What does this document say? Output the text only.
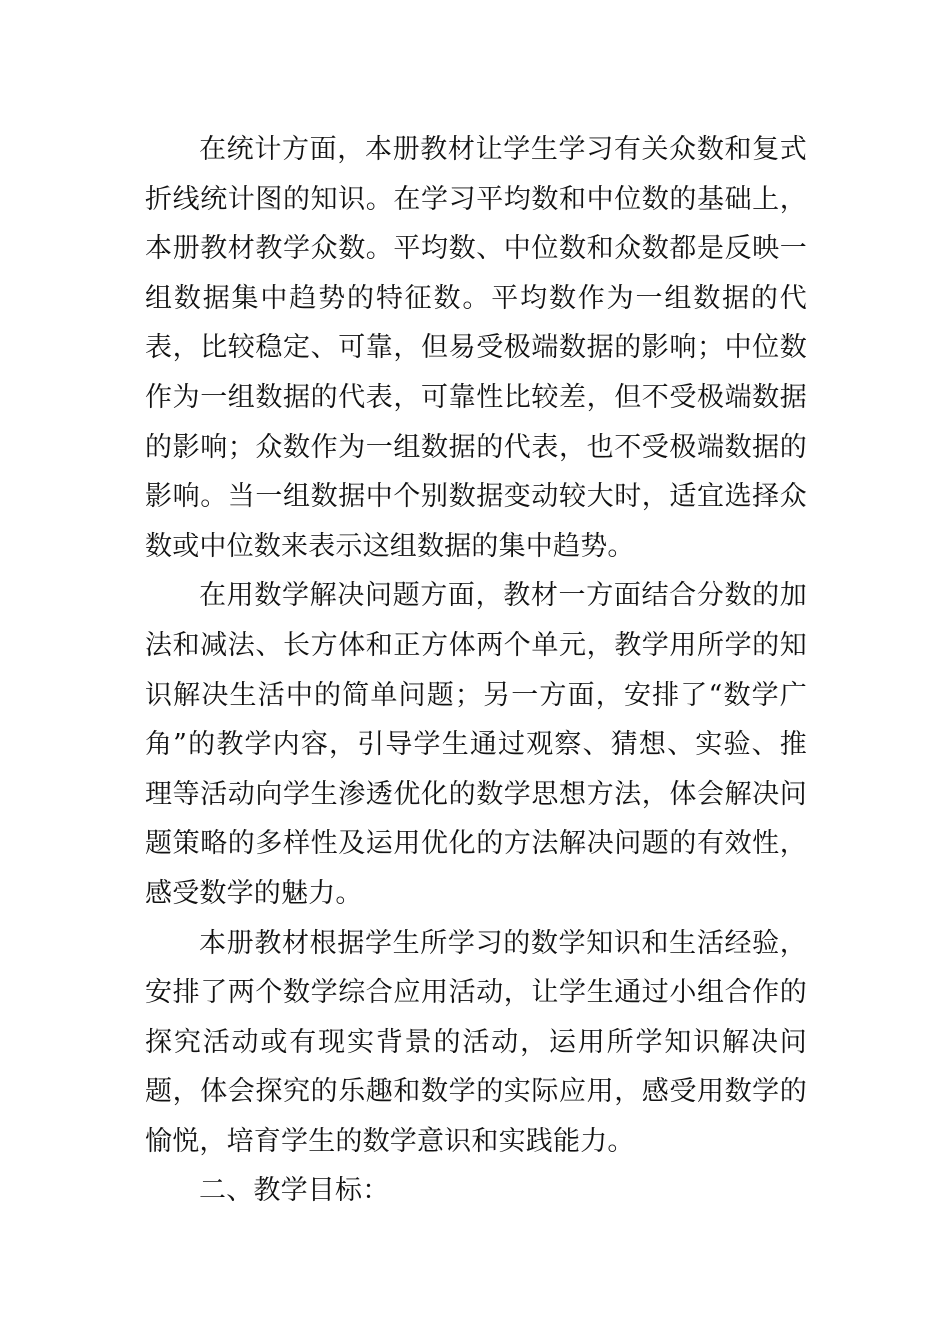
在统计方面，本册教材让学生学习有关众数和复式折线统计图的知识。在学习平均数和中位数的基础上，本册教材教学众数。平均数、中位数和众数都是反映一组数据集中趋势的特征数。平均数作为一组数据的代表，比较稳定、可靠，但易受极端数据的影响；中位数作为一组数据的代表，可靠性比较差，但不受极端数据的影响；众数作为一组数据的代表，也不受极端数据的影响。当一组数据中个别数据变动较大时，适宜选择众数或中位数来表示这组数据的集中趋势。

在用数学解决问题方面，教材一方面结合分数的加法和减法、长方体和正方体两个单元，教学用所学的知识解决生活中的简单问题；另一方面，安排了“数学广角”的教学内容，引导学生通过观察、猜想、实验、推理等活动向学生渗透优化的数学思想方法，体会解决问题策略的多样性及运用优化的方法解决问题的有效性，感受数学的魅力。

本册教材根据学生所学习的数学知识和生活经验，安排了两个数学综合应用活动，让学生通过小组合作的探究活动或有现实背景的活动，运用所学知识解决问题，体会探究的乐趣和数学的实际应用，感受用数学的愉悦，培育学生的数学意识和实践能力。

二、教学目标：
